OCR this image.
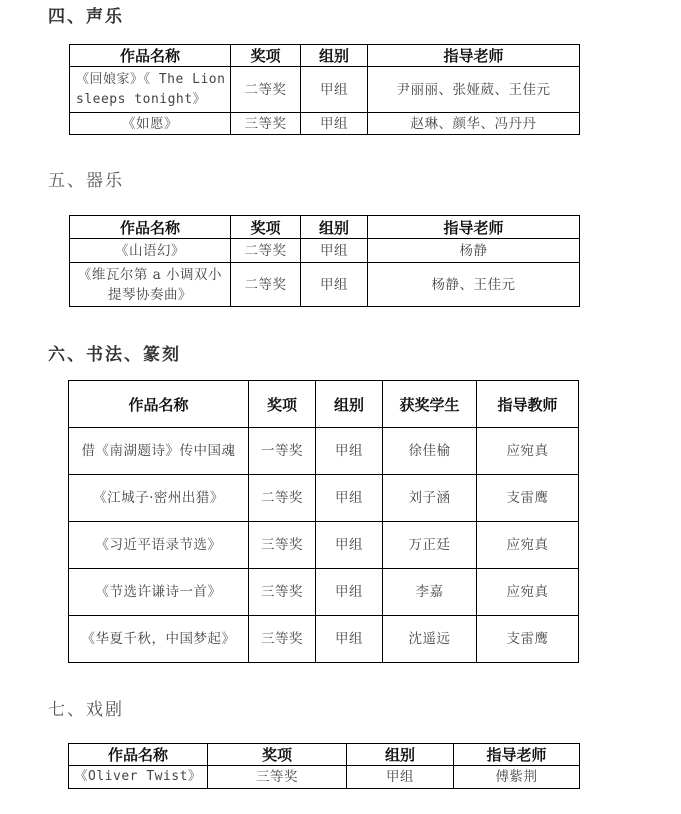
四、声乐
作品名称	奖项	组别	指导老师
《回娘家》《 The Lion sleeps tonight》	二等奖	甲组	尹丽丽、张娅葳、王佳元
《如愿》	三等奖	甲组	赵琳、颜华、冯丹丹
五、器乐
作品名称	奖项	组别	指导老师
《山语幻》	二等奖	甲组	杨静
《维瓦尔第 a 小调双小提琴协奏曲》	二等奖	甲组	杨静、王佳元
六、书法、篆刻
作品名称	奖项	组别	获奖学生	指导教师
借《南湖题诗》传中国魂	一等奖	甲组	徐佳榆	应宛真
《江城子·密州出猎》	二等奖	甲组	刘子涵	支雷鹰
《习近平语录节选》	三等奖	甲组	万正廷	应宛真
《节选许谦诗一首》	三等奖	甲组	李嘉	应宛真
《华夏千秋，中国梦起》	三等奖	甲组	沈遥远	支雷鹰
七、戏剧
作品名称	奖项	组别	指导老师
《Oliver Twist》	三等奖	甲组	傅紫荆
